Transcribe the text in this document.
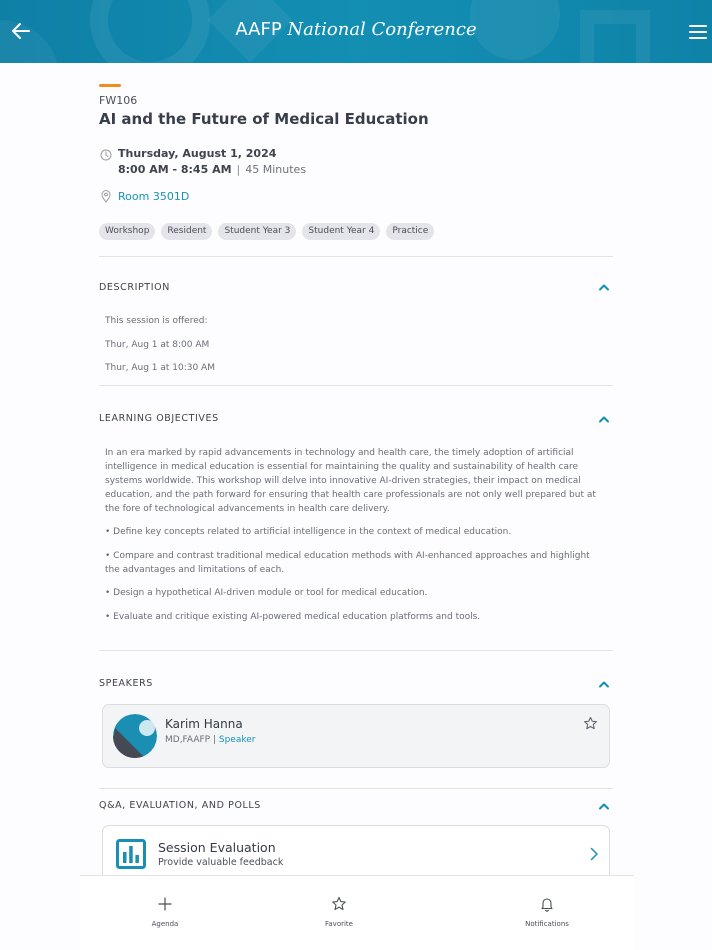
AAFP National Conference
FW106
AI and the Future of Medical Education
Thursday, August 1, 2024
8:00 AM - 8:45 AM | 45 Minutes
Room 3501D
Workshop	Resident	Student Year 3	Student Year 4	Practice
DESCRIPTION
This session is offered:
Thur, Aug 1 at 8:00 AM
Thur, Aug 1 at 10:30 AM
LEARNING OBJECTIVES
In an era marked by rapid advancements in technology and health care, the timely adoption of artificial intelligence in medical education is essential for maintaining the quality and sustainability of health care systems worldwide. This workshop will delve into innovative AI-driven strategies, their impact on medical education, and the path forward for ensuring that health care professionals are not only well prepared but at the fore of technological advancements in health care delivery.
• Define key concepts related to artificial intelligence in the context of medical education.
• Compare and contrast traditional medical education methods with AI-enhanced approaches and highlight the advantages and limitations of each.
• Design a hypothetical AI-driven module or tool for medical education.
• Evaluate and critique existing AI-powered medical education platforms and tools.
SPEAKERS
Karim Hanna
MD,FAAFP | Speaker
Q&A, EVALUATION, AND POLLS
Session Evaluation
Provide valuable feedback
Agenda	Favorite	Notifications
